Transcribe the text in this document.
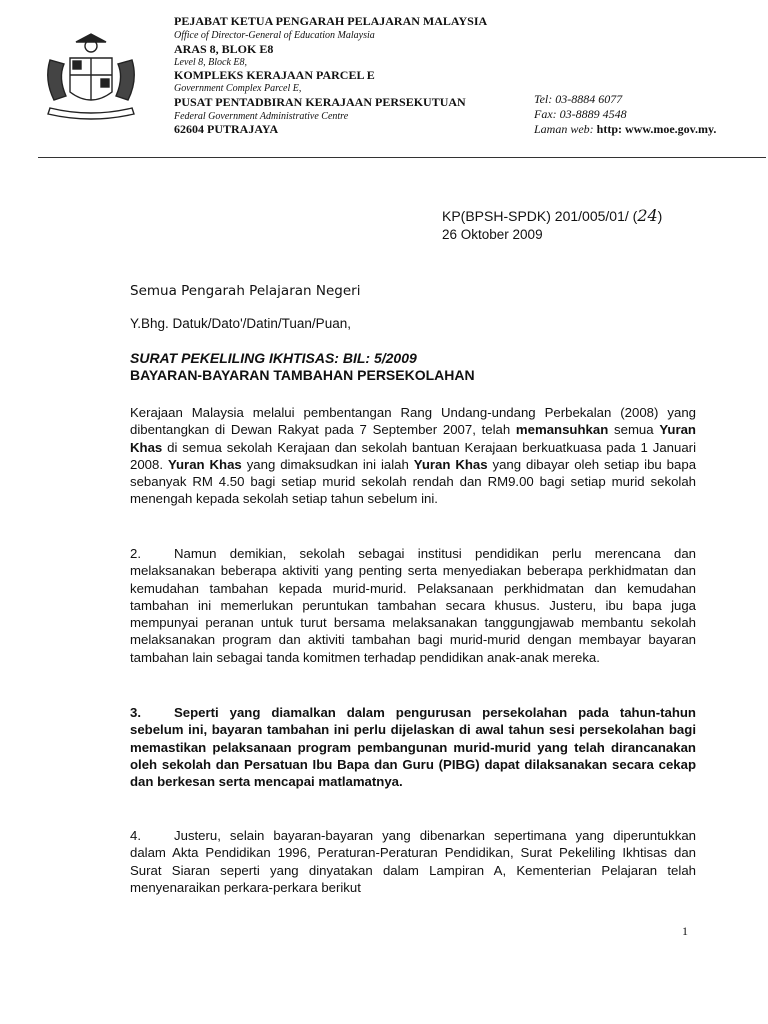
PEJABAT KETUA PENGARAH PELAJARAN MALAYSIA
Office of Director-General of Education Malaysia
ARAS 8, BLOK E8
Level 8, Block E8,
KOMPLEKS KERAJAAN PARCEL E
Government Complex Parcel E,
PUSAT PENTADBIRAN KERAJAAN PERSEKUTUAN
Federal Government Administrative Centre
62604 PUTRAJAYA
Tel: 03-8884 6077
Fax: 03-8889 4548
Laman web: http: www.moe.gov.my.
KP(BPSH-SPDK) 201/005/01/ (24)
26 Oktober 2009
Semua Pengarah Pelajaran Negeri
Y.Bhg. Datuk/Dato'/Datin/Tuan/Puan,
SURAT PEKELILING IKHTISAS: BIL: 5/2009
BAYARAN-BAYARAN TAMBAHAN PERSEKOLAHAN
Kerajaan Malaysia melalui pembentangan Rang Undang-undang Perbekalan (2008) yang dibentangkan di Dewan Rakyat pada 7 September 2007, telah memansuhkan semua Yuran Khas di semua sekolah Kerajaan dan sekolah bantuan Kerajaan berkuatkuasa pada 1 Januari 2008. Yuran Khas yang dimaksudkan ini ialah Yuran Khas yang dibayar oleh setiap ibu bapa sebanyak RM 4.50 bagi setiap murid sekolah rendah dan RM9.00 bagi setiap murid sekolah menengah kepada sekolah setiap tahun sebelum ini.
2.	Namun demikian, sekolah sebagai institusi pendidikan perlu merencana dan melaksanakan beberapa aktiviti yang penting serta menyediakan beberapa perkhidmatan dan kemudahan tambahan kepada murid-murid. Pelaksanaan perkhidmatan dan kemudahan tambahan ini memerlukan peruntukan tambahan secara khusus. Justeru, ibu bapa juga mempunyai peranan untuk turut bersama melaksanakan tanggungjawab membantu sekolah melaksanakan program dan aktiviti tambahan bagi murid-murid dengan membayar bayaran tambahan lain sebagai tanda komitmen terhadap pendidikan anak-anak mereka.
3.	Seperti yang diamalkan dalam pengurusan persekolahan pada tahun-tahun sebelum ini, bayaran tambahan ini perlu dijelaskan di awal tahun sesi persekolahan bagi memastikan pelaksanaan program pembangunan murid-murid yang telah dirancanakan oleh sekolah dan Persatuan Ibu Bapa dan Guru (PIBG) dapat dilaksanakan secara cekap dan berkesan serta mencapai matlamatnya.
4.	Justeru, selain bayaran-bayaran yang dibenarkan sepertimana yang diperuntukkan dalam Akta Pendidikan 1996, Peraturan-Peraturan Pendidikan, Surat Pekeliling Ikhtisas dan Surat Siaran seperti yang dinyatakan dalam Lampiran A, Kementerian Pelajaran telah menyenaraikan perkara-perkara berikut
1
